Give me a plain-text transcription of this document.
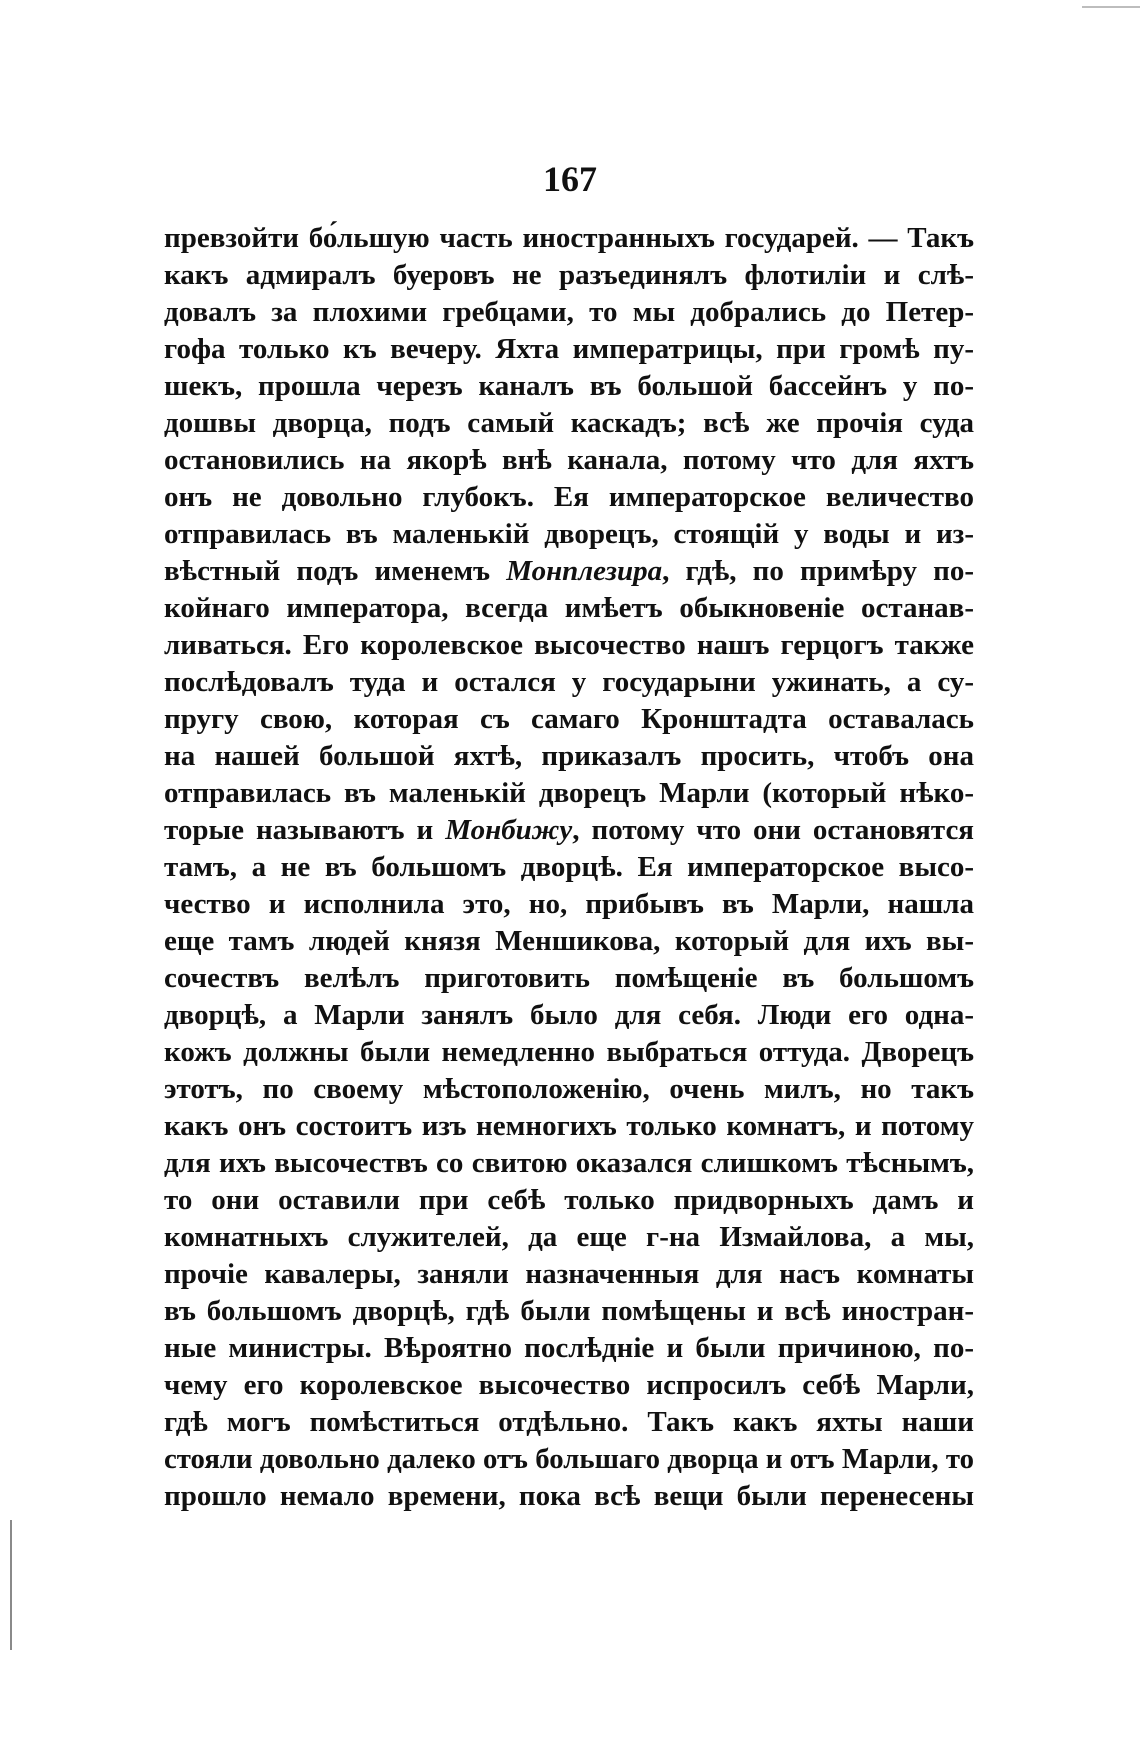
167
превзойти бо́льшую часть иностранныхъ государей. — Такъ
какъ адмиралъ буеровъ не разъединялъ флотиліи и слѣ-
довалъ за плохими гребцами, то мы добрались до Петер-
гофа только къ вечеру. Яхта императрицы, при громѣ пу-
шекъ, прошла черезъ каналъ въ большой бассейнъ у по-
дошвы дворца, подъ самый каскадъ; всѣ же прочія суда
остановились на якорѣ внѣ канала, потому что для яхтъ
онъ не довольно глубокъ. Ея императорское величество
отправилась въ маленькій дворецъ, стоящій у воды и из-
вѣстный подъ именемъ Монплезира, гдѣ, по примѣру по-
койнаго императора, всегда имѣетъ обыкновеніе останав-
ливаться. Его королевское высочество нашъ герцогъ также
послѣдовалъ туда и остался у государыни ужинать, а су-
пругу свою, которая съ самаго Кронштадта оставалась
на нашей большой яхтѣ, приказалъ просить, чтобъ она
отправилась въ маленькій дворецъ Марли (который нѣко-
торые называютъ и Монбижу, потому что они остановятся
тамъ, а не въ большомъ дворцѣ. Ея императорское высо-
чество и исполнила это, но, прибывъ въ Марли, нашла
еще тамъ людей князя Меншикова, который для ихъ вы-
сочествъ велѣлъ приготовить помѣщеніе въ большомъ
дворцѣ, а Марли занялъ было для себя. Люди его одна-
кожъ должны были немедленно выбраться оттуда. Дворецъ
этотъ, по своему мѣстоположенію, очень милъ, но такъ
какъ онъ состоитъ изъ немногихъ только комнатъ, и потому
для ихъ высочествъ со свитою оказался слишкомъ тѣснымъ,
то они оставили при себѣ только придворныхъ дамъ и
комнатныхъ служителей, да еще г-на Измайлова, а мы,
прочіе кавалеры, заняли назначенныя для насъ комнаты
въ большомъ дворцѣ, гдѣ были помѣщены и всѣ иностран-
ные министры. Вѣроятно послѣдніе и были причиною, по-
чему его королевское высочество испросилъ себѣ Марли,
гдѣ могъ помѣститься отдѣльно. Такъ какъ яхты наши
стояли довольно далеко отъ большаго дворца и отъ Марли, то
прошло немало времени, пока всѣ вещи были перенесены
